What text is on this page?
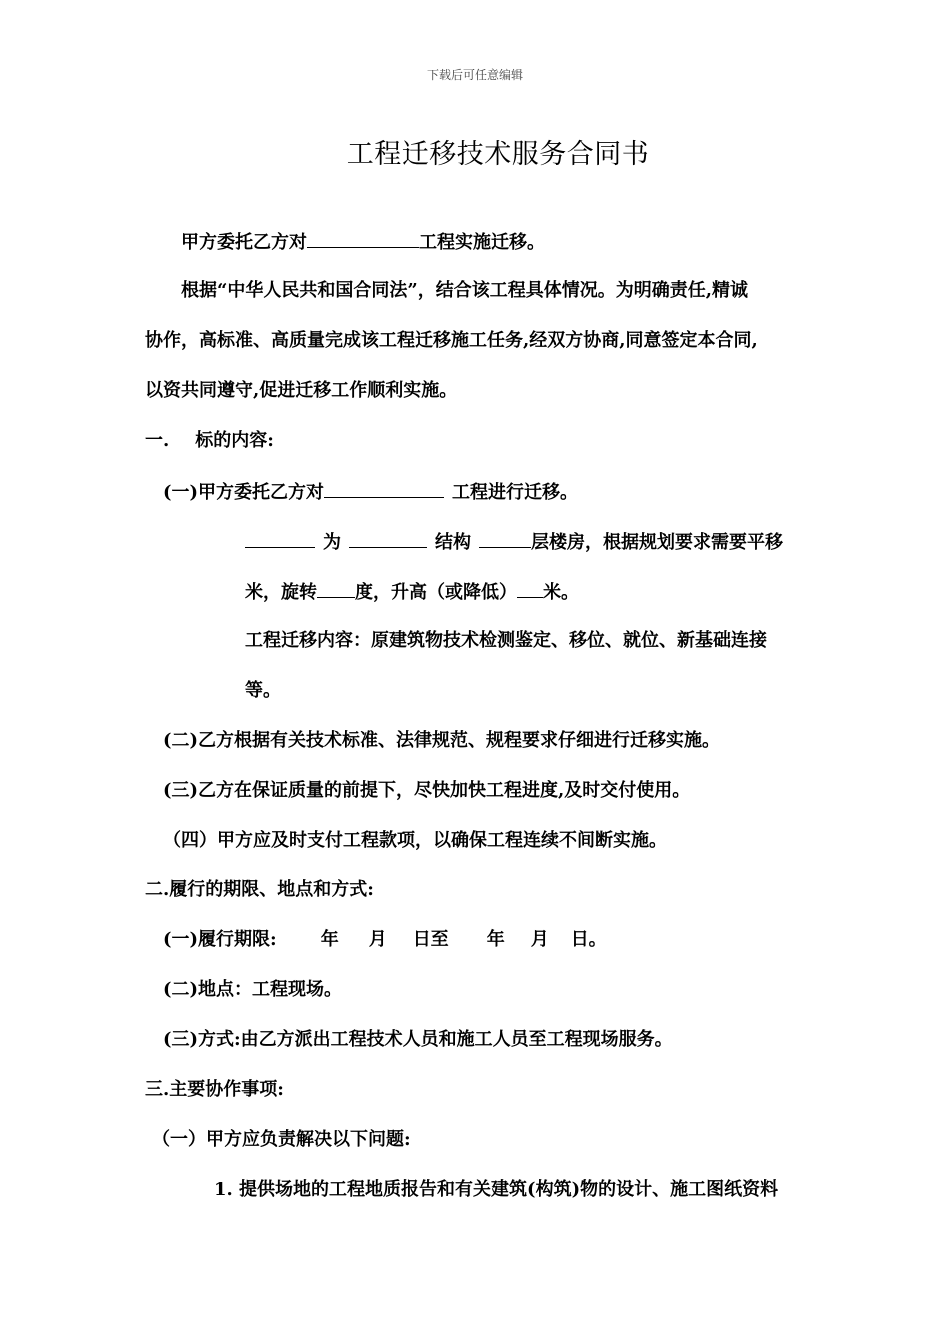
下载后可任意编辑
工程迁移技术服务合同书
甲方委托乙方对	工程实施迁移。
根据“中华人民共和国合同法”，结合该工程具体情况。为明确责任,精诚
协作，高标准、高质量完成该工程迁移施工任务,经双方协商,同意签定本合同,
以资共同遵守,促进迁移工作顺利实施。
一. 标的内容:
(一)甲方委托乙方对	工程进行迁移。
为	结构	层楼房，根据规划要求需要平移
米，旋转 度，升高（或降低） 米。
工程迁移内容：原建筑物技术检测鉴定、移位、就位、新基础连接
等。
(二)乙方根据有关技术标准、法律规范、规程要求仔细进行迁移实施。
(三)乙方在保证质量的前提下，尽快加快工程进度,及时交付使用。
（四）甲方应及时支付工程款项，以确保工程连续不间断实施。
二.履行的期限、地点和方式:
(一)履行期限: 年 月 日至 年 月 日。
(二)地点：工程现场。
(三)方式:由乙方派出工程技术人员和施工人员至工程现场服务。
三.主要协作事项:
（一）甲方应负责解决以下问题:
1. 提供场地的工程地质报告和有关建筑(构筑)物的设计、施工图纸资料
